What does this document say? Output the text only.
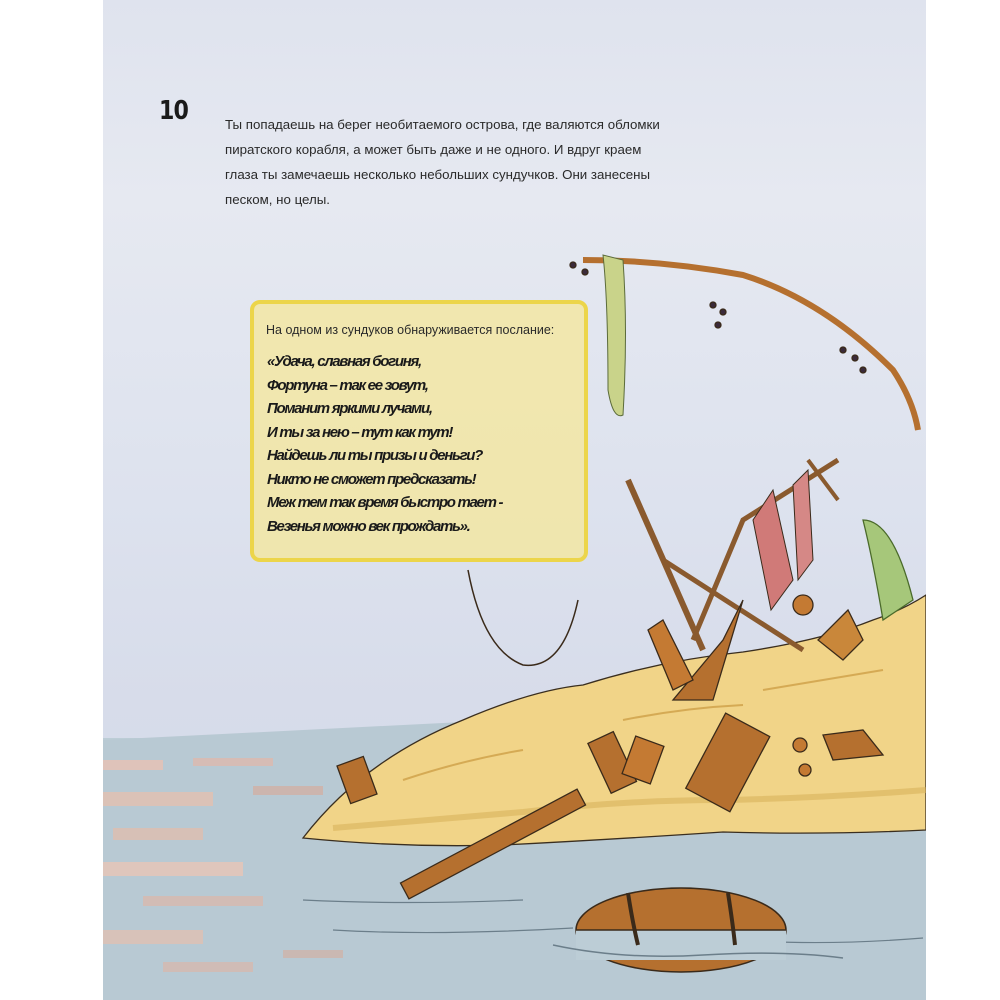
10	Ты попадаешь на берег необитаемого острова, где валяются обломки пиратского корабля, а может быть даже и не одного. И вдруг краем глаза ты замечаешь несколько небольших сундучков. Они занесены песком, но целы.
На одном из сундуков обнаруживается послание:
«Удача, славная богиня,
Фортуна – так ее зовут,
Поманит яркими лучами,
И ты за нею – тут как тут!
Найдешь ли ты призы и деньги?
Никто не сможет предсказать!
Меж тем так время быстро тает -
Везенья можно век прождать».
